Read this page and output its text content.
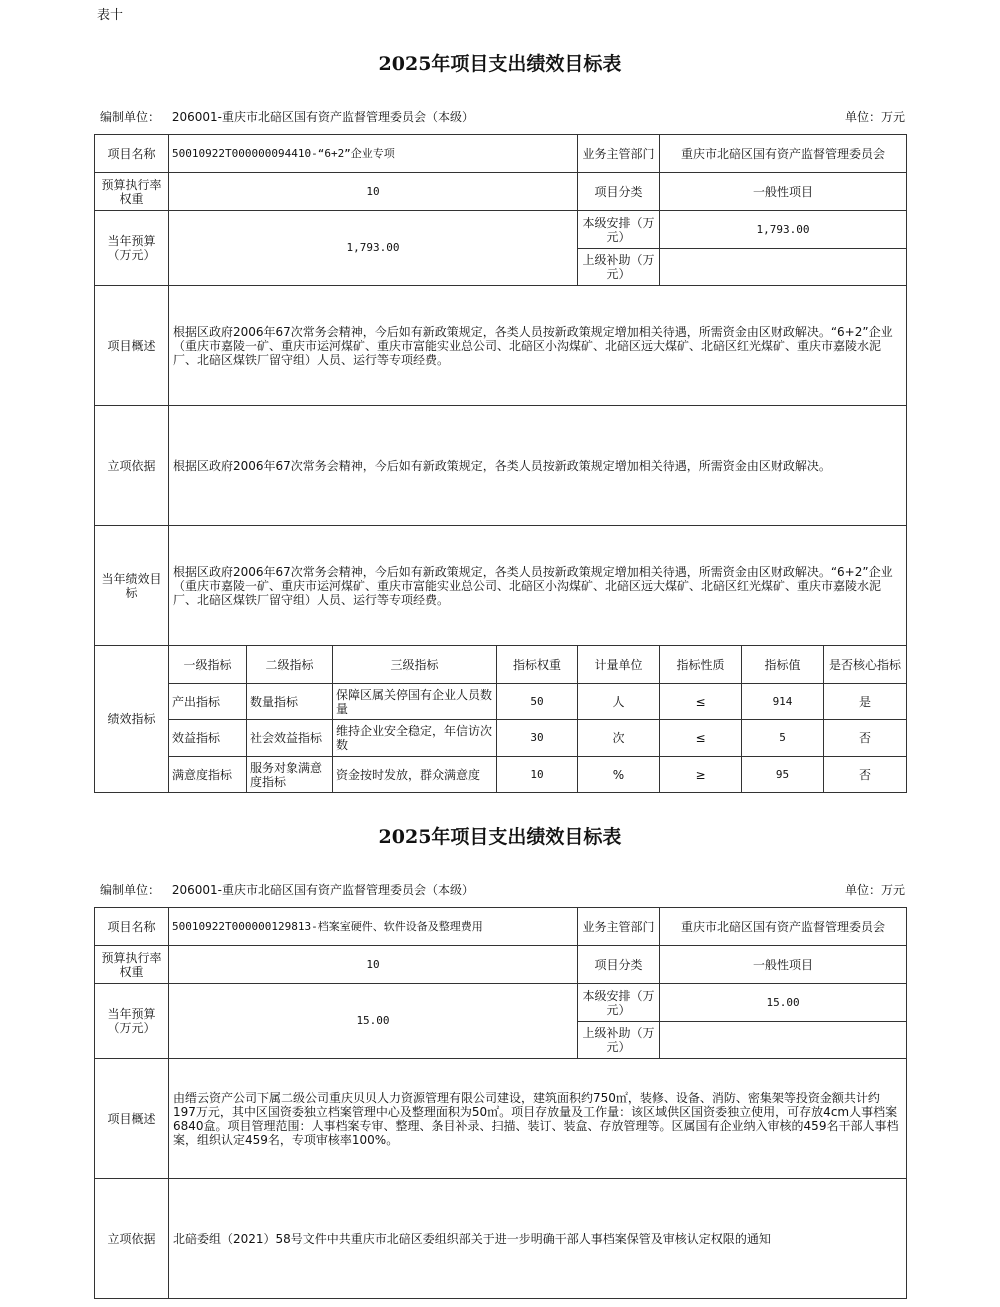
表十
2025年项目支出绩效目标表
编制单位： 206001-重庆市北碚区国有资产监督管理委员会（本级）	单位：万元
项目名称	50010922T000000094410-“6+2”企业专项				业务主管部门	重庆市北碚区国有资产监督管理委员会		
预算执行率权重	10				项目分类	一般性项目		
当年预算（万元）	1,793.00				本级安排（万元）	1,793.00		
					上级补助（万元）			
项目概述	根据区政府2006年67次常务会精神，今后如有新政策规定，各类人员按新政策规定增加相关待遇，所需资金由区财政解决。“6+2”企业（重庆市嘉陵一矿、重庆市运河煤矿、重庆市富能实业总公司、北碚区小沟煤矿、北碚区远大煤矿、北碚区红光煤矿、重庆市嘉陵水泥厂、北碚区煤铁厂留守组）人员、运行等专项经费。							
立项依据	根据区政府2006年67次常务会精神，今后如有新政策规定，各类人员按新政策规定增加相关待遇，所需资金由区财政解决。							
当年绩效目标	根据区政府2006年67次常务会精神，今后如有新政策规定，各类人员按新政策规定增加相关待遇，所需资金由区财政解决。“6+2”企业（重庆市嘉陵一矿、重庆市运河煤矿、重庆市富能实业总公司、北碚区小沟煤矿、北碚区远大煤矿、北碚区红光煤矿、重庆市嘉陵水泥厂、北碚区煤铁厂留守组）人员、运行等专项经费。							
绩效指标	一级指标	二级指标	三级指标	指标权重	计量单位	指标性质	指标值	是否核心指标
	产出指标	数量指标	保障区属关停国有企业人员数量	50	人	≤	914	是
	效益指标	社会效益指标	维持企业安全稳定，年信访次数	30	次	≤	5	否
	满意度指标	服务对象满意度指标	资金按时发放，群众满意度	10	%	≥	95	否
2025年项目支出绩效目标表
编制单位： 206001-重庆市北碚区国有资产监督管理委员会（本级）	单位：万元
项目名称	50010922T000000129813-档案室硬件、软件设备及整理费用	业务主管部门	重庆市北碚区国有资产监督管理委员会
预算执行率权重	10	项目分类	一般性项目
当年预算（万元）	15.00	本级安排（万元）	15.00
		上级补助（万元）	
项目概述	由缙云资产公司下属二级公司重庆贝贝人力资源管理有限公司建设，建筑面积约750㎡，装修、设备、消防、密集架等投资金额共计约197万元，其中区国资委独立档案管理中心及整理面积为50㎡。项目存放量及工作量：该区域供区国资委独立使用，可存放4cm人事档案6840盒。项目管理范围：人事档案专审、整理、条目补录、扫描、装订、装盒、存放管理等。区属国有企业纳入审核的459名干部人事档案，组织认定459名，专项审核率100%。		
立项依据	北碚委组（2021）58号文件中共重庆市北碚区委组织部关于进一步明确干部人事档案保管及审核认定权限的通知		
